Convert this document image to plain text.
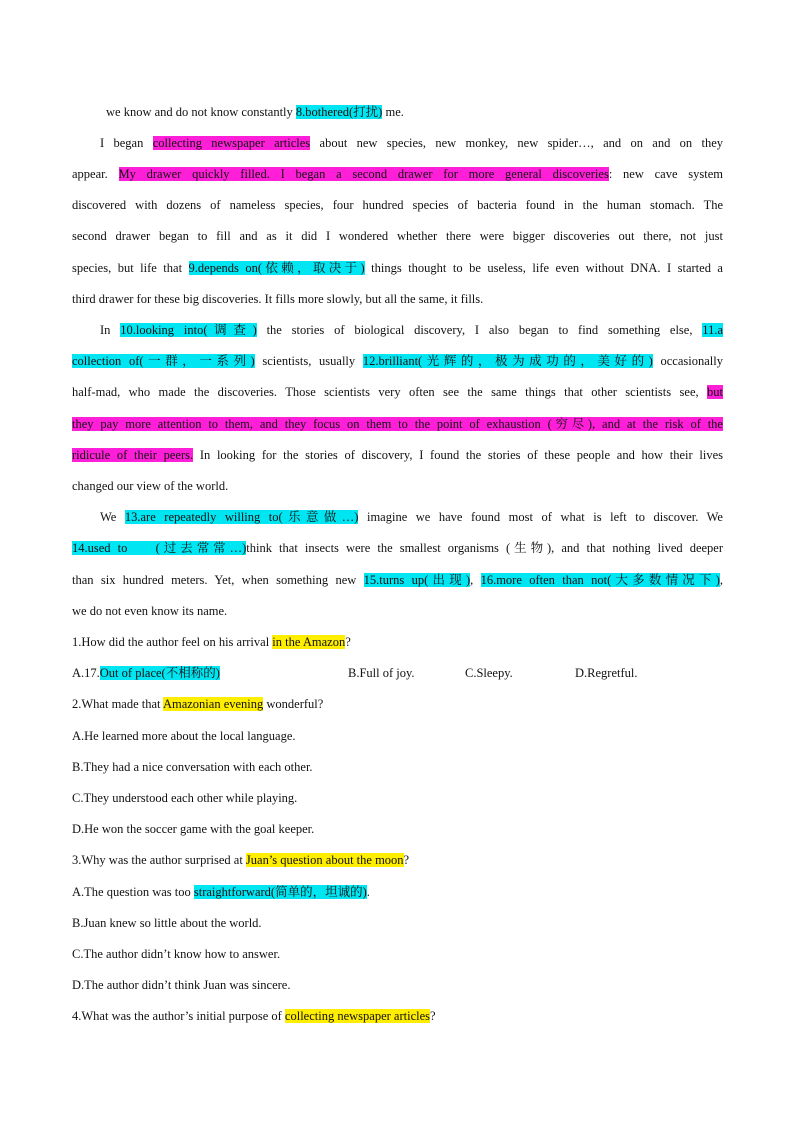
we know and do not know constantly 8.bothered(打扰) me.
I began collecting newspaper articles about new species, new monkey, new spider…, and on and on they
appear. My drawer quickly filled. I began a second drawer for more general discoveries: new cave system
discovered with dozens of nameless species, four hundred species of bacteria found in the human stomach. The
second drawer began to fill and as it did I wondered whether there were bigger discoveries out there, not just
species, but life that 9.depends on(依赖，取决于) things thought to be useless, life even without DNA. I started a
third drawer for these big discoveries. It fills more slowly, but all the same, it fills.
In 10.looking into(调查) the stories of biological discovery, I also began to find something else, 11.a
collection of(一群，一系列) scientists, usually 12.brilliant(光辉的，极为成功的，美好的) occasionally
half-mad, who made the discoveries. Those scientists very often see the same things that other scientists see, but
they pay more attention to them, and they focus on them to the point of exhaustion (穷尽), and at the risk of the
ridicule of their peers. In looking for the stories of discovery, I found the stories of these people and how their lives
changed our view of the world.
We 13.are repeatedly willing to(乐意做…) imagine we have found most of what is left to discover. We
14.used to    (过去常常…)think that insects were the smallest organisms (生物), and that nothing lived deeper
than six hundred meters. Yet, when something new 15.turns up(出现), 16.more often than not(大多数情况下),
we do not even know its name.
1.How did the author feel on his arrival in the Amazon?
A.17.Out of place(不相称的)	B.Full of joy.	C.Sleepy.	D.Regretful.
2.What made that Amazonian evening wonderful?
A.He learned more about the local language.
B.They had a nice conversation with each other.
C.They understood each other while playing.
D.He won the soccer game with the goal keeper.
3.Why was the author surprised at Juan’s question about the moon?
A.The question was too straightforward(简单的，坦诚的).
B.Juan knew so little about the world.
C.The author didn’t know how to answer.
D.The author didn’t think Juan was sincere.
4.What was the author’s initial purpose of collecting newspaper articles?
